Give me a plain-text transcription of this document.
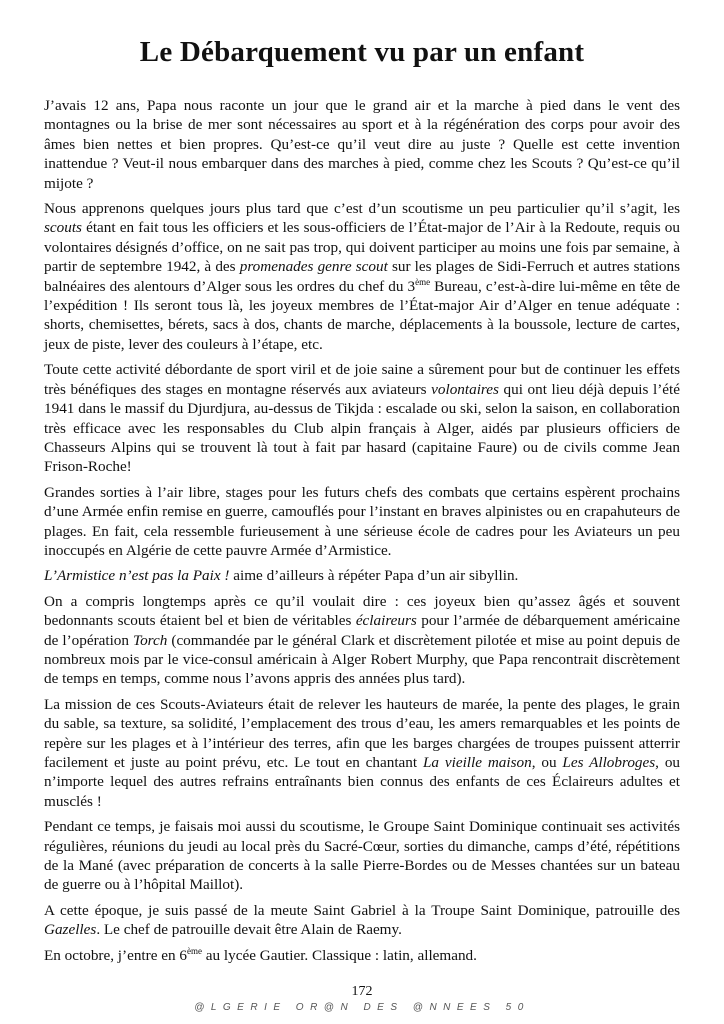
Le Débarquement vu par un enfant

J’avais 12 ans, Papa nous raconte un jour que le grand air et la marche à pied dans le vent des montagnes ou la brise de mer sont nécessaires au sport et à la régénération des corps pour avoir des âmes bien nettes et bien propres. Qu’est-ce qu’il veut dire au juste ? Quelle est cette invention inattendue ? Veut-il nous embarquer dans des marches à pied, comme chez les Scouts ? Qu’est-ce qu’il mijote ?

Nous apprenons quelques jours plus tard que c’est d’un scoutisme un peu particulier qu’il s’agit, les scouts étant en fait tous les officiers et les sous-officiers de l’État-major de l’Air à la Redoute, requis ou volontaires désignés d’office, on ne sait pas trop, qui doivent participer au moins une fois par semaine, à partir de septembre 1942, à des promenades genre scout sur les plages de Sidi-Ferruch et autres stations balnéaires des alentours d’Alger sous les ordres du chef du 3ème Bureau, c’est-à-dire lui-même en tête de l’expédition ! Ils seront tous là, les joyeux membres de l’État-major Air d’Alger en tenue adéquate : shorts, chemisettes, bérets, sacs à dos, chants de marche, déplacements à la boussole, lecture de cartes, jeux de piste, lever des couleurs à l’étape, etc.

Toute cette activité débordante de sport viril et de joie saine a sûrement pour but de continuer les effets très bénéfiques des stages en montagne réservés aux aviateurs volontaires qui ont lieu déjà depuis l’été 1941 dans le massif du Djurdjura, au-dessus de Tikjda : escalade ou ski, selon la saison, en collaboration très efficace avec les responsables du Club alpin français à Alger, aidés par plusieurs officiers de Chasseurs Alpins qui se trouvent là tout à fait par hasard (capitaine Faure) ou de civils comme Jean Frison-Roche!

Grandes sorties à l’air libre, stages pour les futurs chefs des combats que certains espèrent prochains d’une Armée enfin remise en guerre, camouflés pour l’instant en braves alpinistes ou en crapahuteurs de plages. En fait, cela ressemble furieusement à une sérieuse école de cadres pour les Aviateurs un peu inoccupés en Algérie de cette pauvre Armée d’Armistice.

L’Armistice n’est pas la Paix ! aime d’ailleurs à répéter Papa d’un air sibyllin.

On a compris longtemps après ce qu’il voulait dire : ces joyeux bien qu’assez âgés et souvent bedonnants scouts étaient bel et bien de véritables éclaireurs pour l’armée de débarquement américaine de l’opération Torch (commandée par le général Clark et discrètement pilotée et mise au point depuis de nombreux mois par le vice-consul américain à Alger Robert Murphy, que Papa rencontrait discrètement de temps en temps, comme nous l’avons appris des années plus tard).

La mission de ces Scouts-Aviateurs était de relever les hauteurs de marée, la pente des plages, le grain du sable, sa texture, sa solidité, l’emplacement des trous d’eau, les amers remarquables et les points de repère sur les plages et à l’intérieur des terres, afin que les barges chargées de troupes puissent atterrir facilement et juste au point prévu, etc. Le tout en chantant La vieille maison, ou Les Allobroges, ou n’importe lequel des autres refrains entraînants bien connus des enfants de ces Éclaireurs adultes et musclés !

Pendant ce temps, je faisais moi aussi du scoutisme, le Groupe Saint Dominique continuait ses activités régulières, réunions du jeudi au local près du Sacré-Cœur, sorties du dimanche, camps d’été, répétitions de la Mané (avec préparation de concerts à la salle Pierre-Bordes ou de Messes chantées sur un bateau de guerre ou à l’hôpital Maillot).

A cette époque, je suis passé de la meute Saint Gabriel à la Troupe Saint Dominique, patrouille des Gazelles. Le chef de patrouille devait être Alain de Raemy.

En octobre, j’entre en 6ème au lycée Gautier. Classique : latin, allemand.

172
@LGERIE OR@N DES @NNEES 50
